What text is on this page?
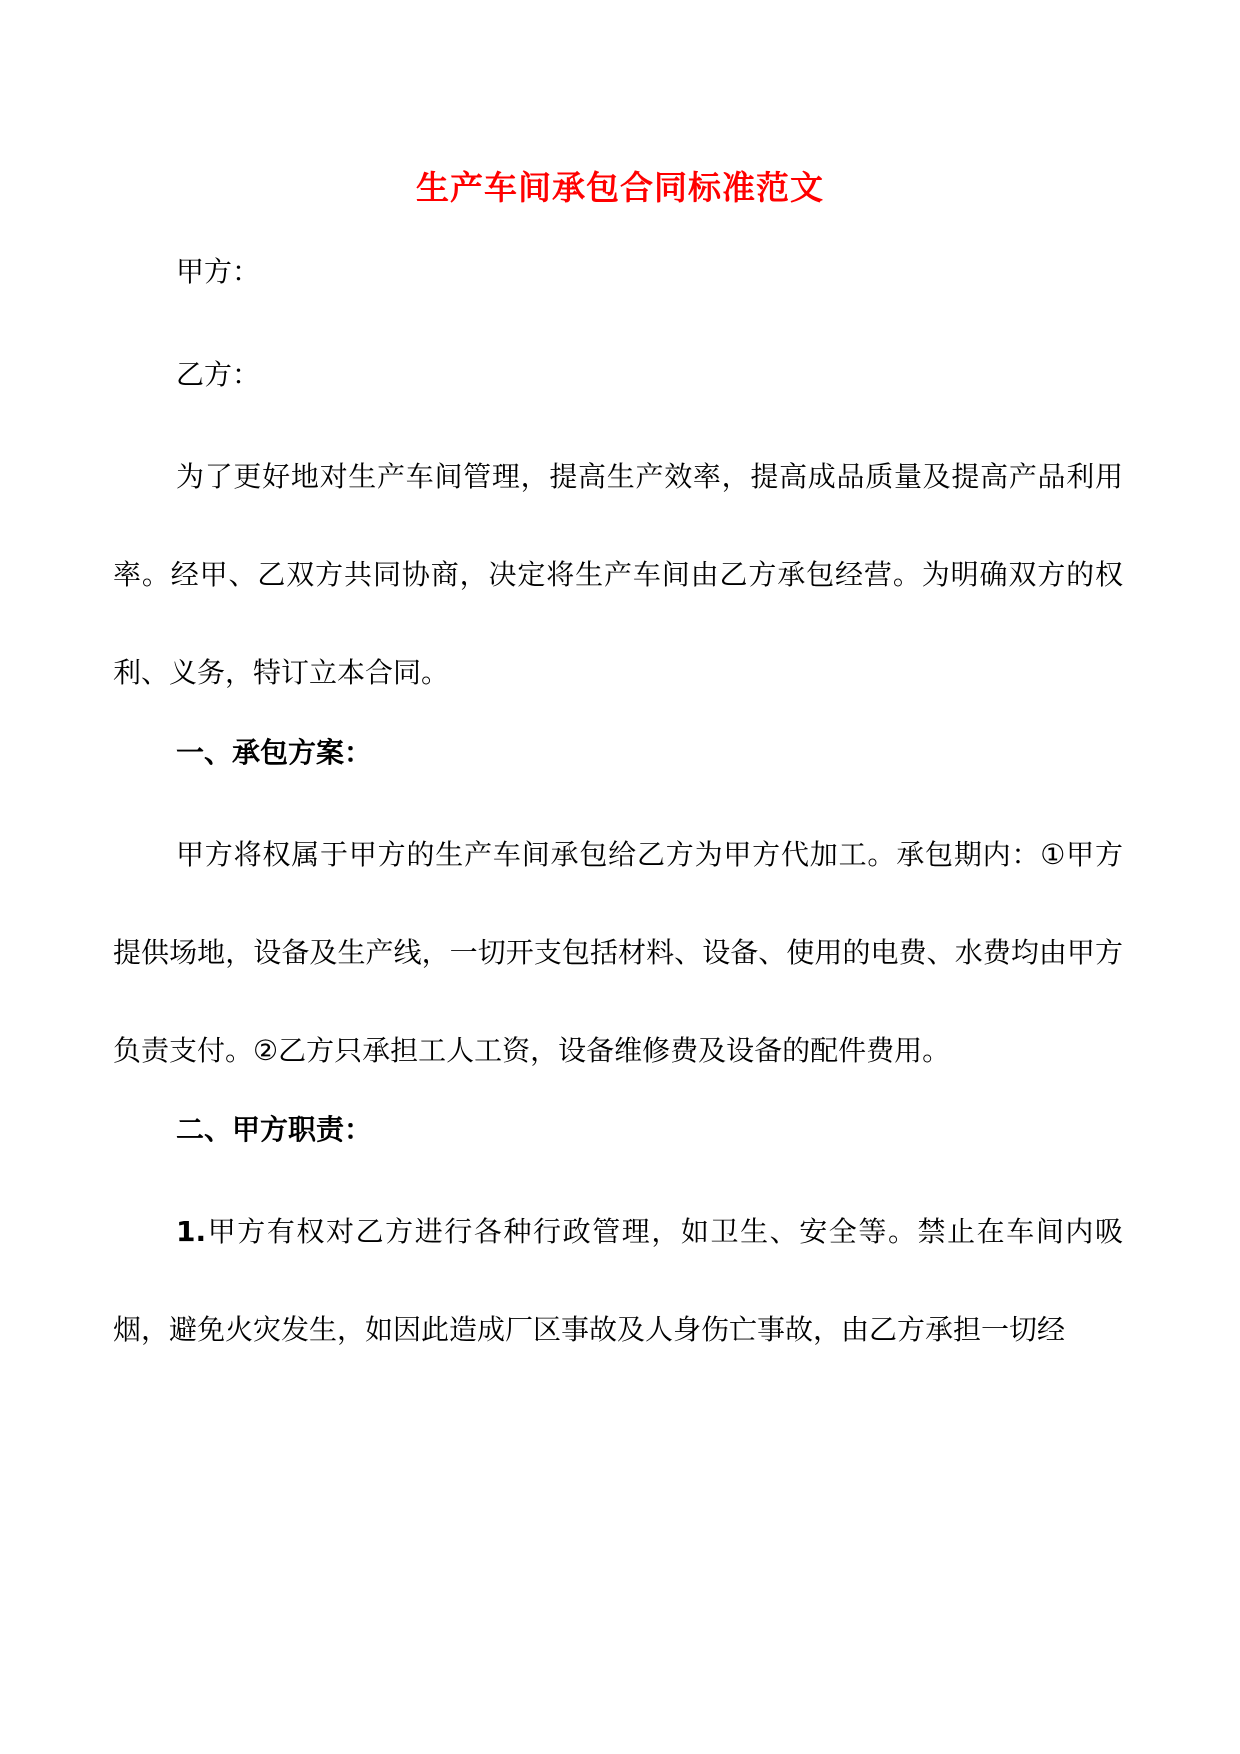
生产车间承包合同标准范文

甲方：

乙方：

为了更好地对生产车间管理，提高生产效率，提高成品质量及提高产品利用率。经甲、乙双方共同协商，决定将生产车间由乙方承包经营。为明确双方的权利、义务，特订立本合同。

一、承包方案：

甲方将权属于甲方的生产车间承包给乙方为甲方代加工。承包期内：①甲方提供场地，设备及生产线，一切开支包括材料、设备、使用的电费、水费均由甲方负责支付。②乙方只承担工人工资，设备维修费及设备的配件费用。

二、甲方职责：

1.甲方有权对乙方进行各种行政管理，如卫生、安全等。禁止在车间内吸烟，避免火灾发生，如因此造成厂区事故及人身伤亡事故，由乙方承担一切经
